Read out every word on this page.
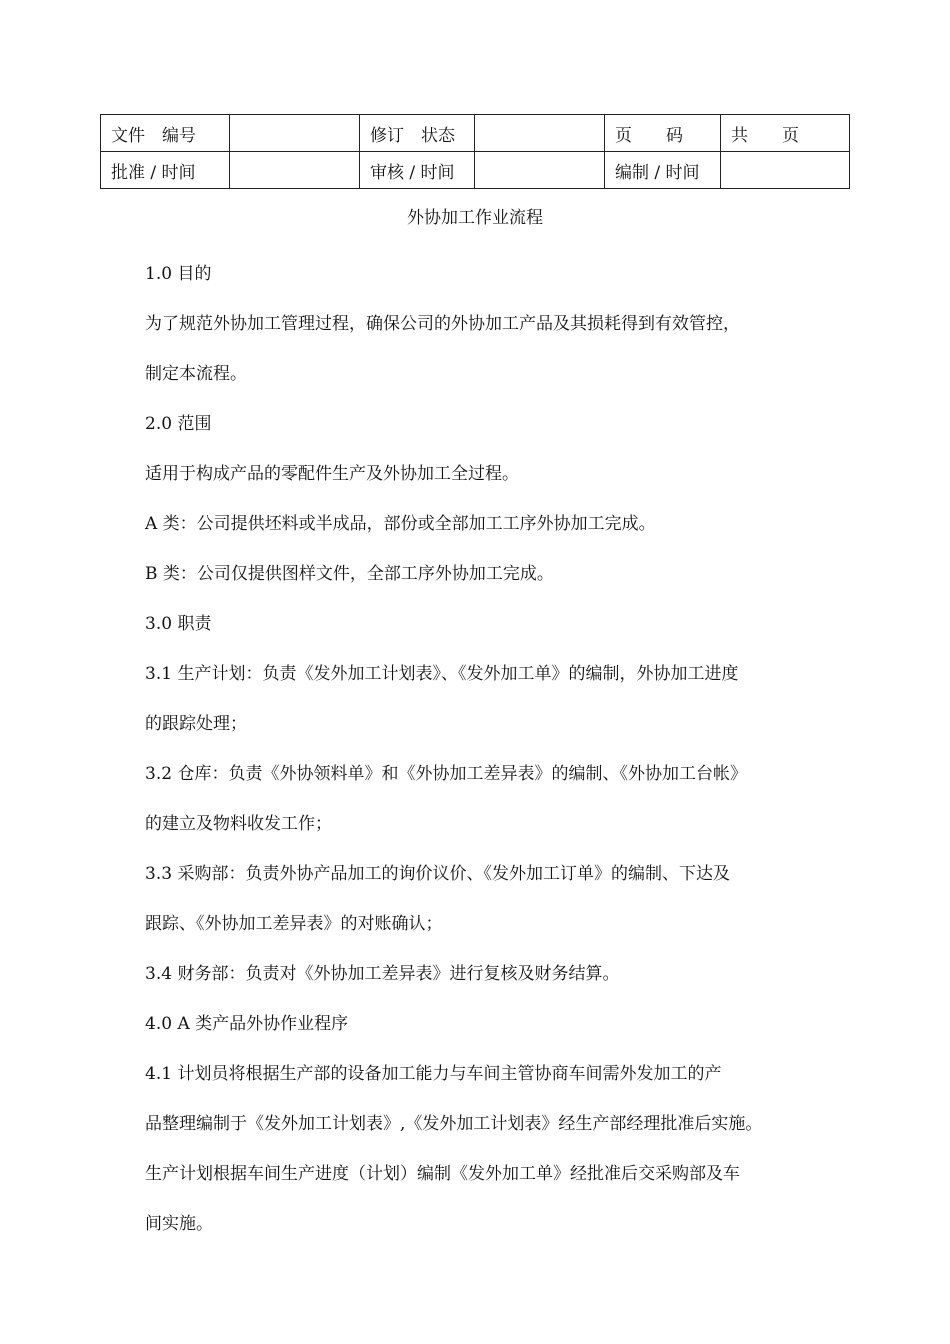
文件　编号		修订　状态		页　　码	共　　页
批准 / 时间		审核 / 时间		编制 / 时间	
外协加工作业流程
1.0 目的
为了规范外协加工管理过程，确保公司的外协加工产品及其损耗得到有效管控，
制定本流程。
2.0 范围
适用于构成产品的零配件生产及外协加工全过程。
A 类：公司提供坯料或半成品，部份或全部加工工序外协加工完成。
B 类：公司仅提供图样文件，全部工序外协加工完成。
3.0 职责
3.1 生产计划：负责《发外加工计划表》、《发外加工单》的编制，外协加工进度
的跟踪处理；
3.2 仓库：负责《外协领料单》和《外协加工差异表》的编制、《外协加工台帐》
的建立及物料收发工作；
3.3 采购部：负责外协产品加工的询价议价、《发外加工订单》的编制、下达及
跟踪、《外协加工差异表》的对账确认；
3.4 财务部：负责对《外协加工差异表》进行复核及财务结算。
4.0 A 类产品外协作业程序
4.1 计划员将根据生产部的设备加工能力与车间主管协商车间需外发加工的产
品整理编制于《发外加工计划表》,《发外加工计划表》经生产部经理批准后实施。
生产计划根据车间生产进度（计划）编制《发外加工单》经批准后交采购部及车
间实施。
